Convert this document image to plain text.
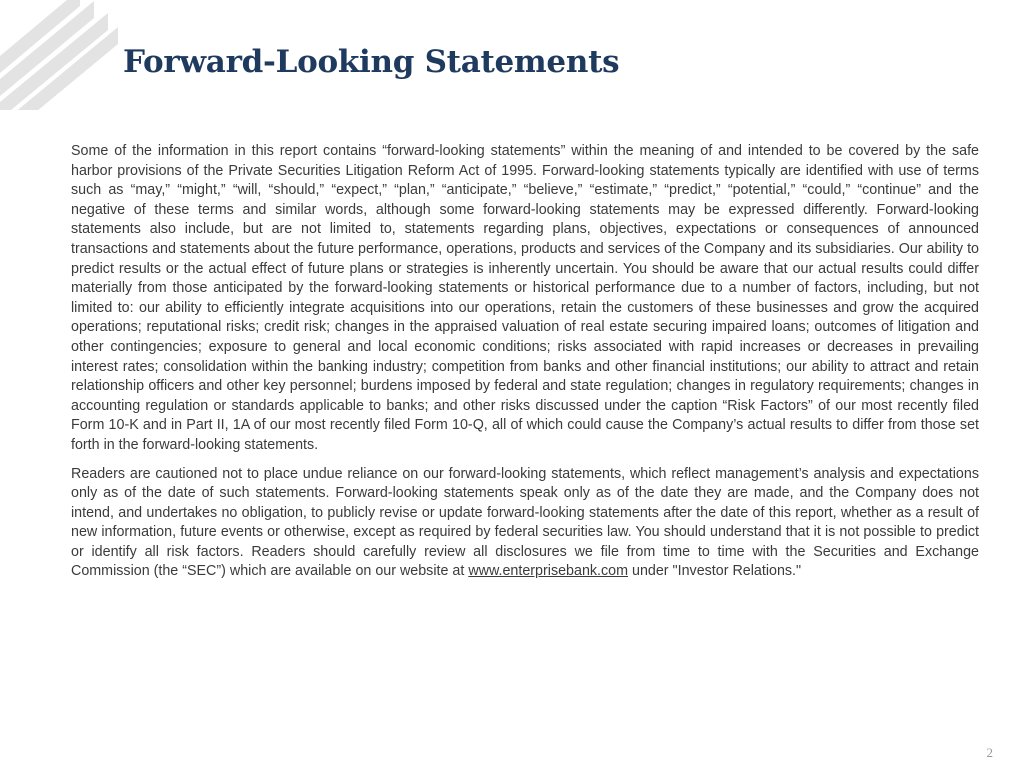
Forward-Looking Statements

Some of the information in this report contains “forward-looking statements” within the meaning of and intended to be covered by the safe harbor provisions of the Private Securities Litigation Reform Act of 1995. Forward-looking statements typically are identified with use of terms such as “may,” “might,” “will, “should,” “expect,” “plan,” “anticipate,” “believe,” “estimate,” “predict,” “potential,” “could,” “continue” and the negative of these terms and similar words, although some forward-looking statements may be expressed differently. Forward-looking statements also include, but are not limited to, statements regarding plans, objectives, expectations or consequences of announced transactions and statements about the future performance, operations, products and services of the Company and its subsidiaries. Our ability to predict results or the actual effect of future plans or strategies is inherently uncertain. You should be aware that our actual results could differ materially from those anticipated by the forward-looking statements or historical performance due to a number of factors, including, but not limited to: our ability to efficiently integrate acquisitions into our operations, retain the customers of these businesses and grow the acquired operations; reputational risks; credit risk; changes in the appraised valuation of real estate securing impaired loans; outcomes of litigation and other contingencies; exposure to general and local economic conditions; risks associated with rapid increases or decreases in prevailing interest rates; consolidation within the banking industry; competition from banks and other financial institutions; our ability to attract and retain relationship officers and other key personnel; burdens imposed by federal and state regulation; changes in regulatory requirements; changes in accounting regulation or standards applicable to banks; and other risks discussed under the caption “Risk Factors” of our most recently filed Form 10-K and in Part II, 1A of our most recently filed Form 10-Q, all of which could cause the Company’s actual results to differ from those set forth in the forward-looking statements.

Readers are cautioned not to place undue reliance on our forward-looking statements, which reflect management’s analysis and expectations only as of the date of such statements. Forward-looking statements speak only as of the date they are made, and the Company does not intend, and undertakes no obligation, to publicly revise or update forward-looking statements after the date of this report, whether as a result of new information, future events or otherwise, except as required by federal securities law. You should understand that it is not possible to predict or identify all risk factors. Readers should carefully review all disclosures we file from time to time with the Securities and Exchange Commission (the “SEC”) which are available on our website at www.enterprisebank.com under "Investor Relations."

2
